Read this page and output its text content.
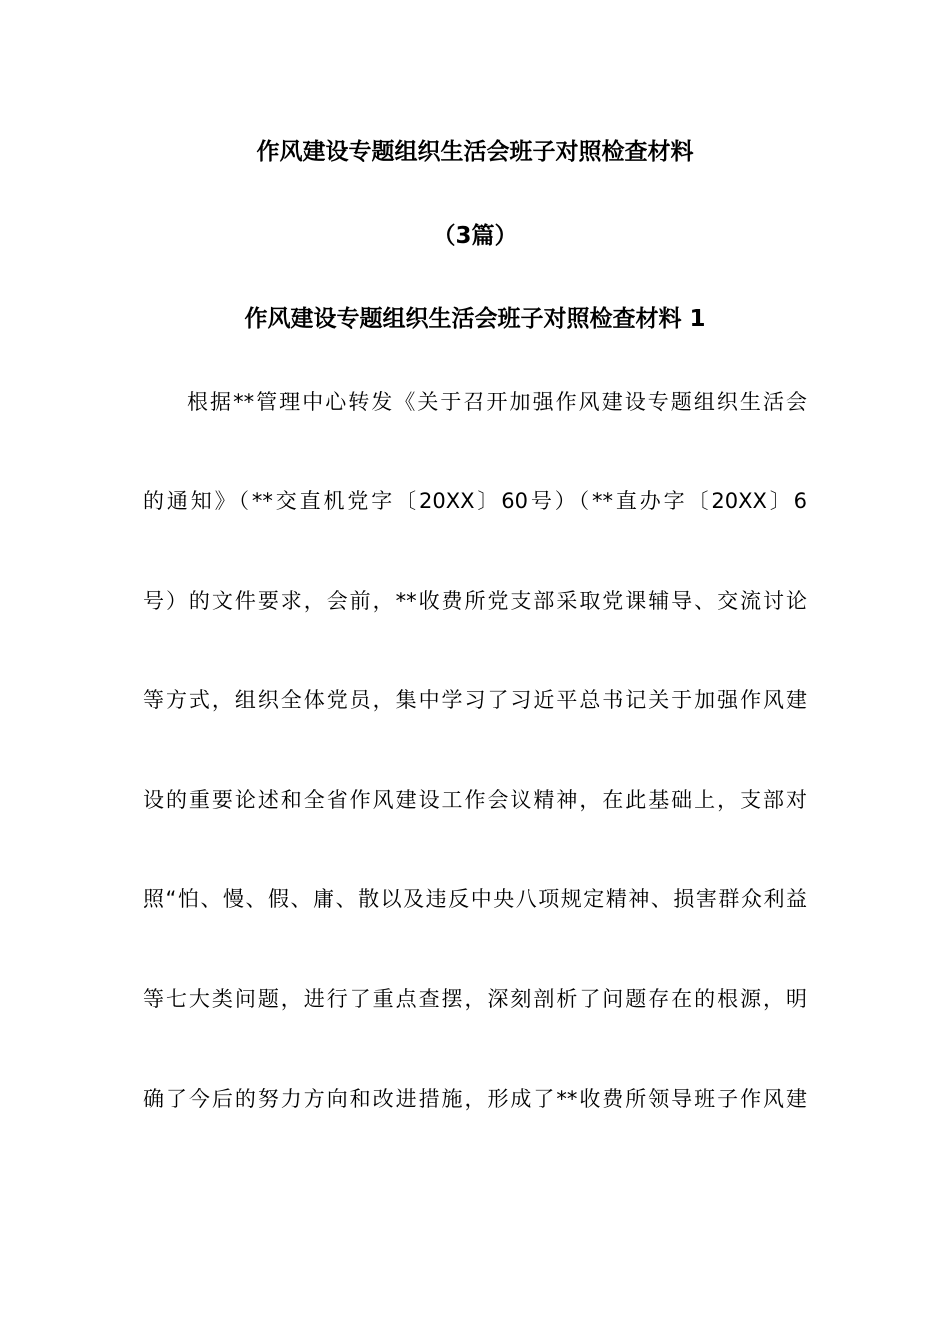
作风建设专题组织生活会班子对照检查材料
（3篇）
作风建设专题组织生活会班子对照检查材料 1
根据**管理中心转发《关于召开加强作风建设专题组织生活会
的通知》（**交直机党字〔20XX〕60号）（**直办字〔20XX〕6
号）的文件要求，会前，**收费所党支部采取党课辅导、交流讨论
等方式，组织全体党员，集中学习了习近平总书记关于加强作风建
设的重要论述和全省作风建设工作会议精神，在此基础上，支部对
照“怕、慢、假、庸、散以及违反中央八项规定精神、损害群众利益
等七大类问题，进行了重点查摆，深刻剖析了问题存在的根源，明
确了今后的努力方向和改进措施，形成了**收费所领导班子作风建
